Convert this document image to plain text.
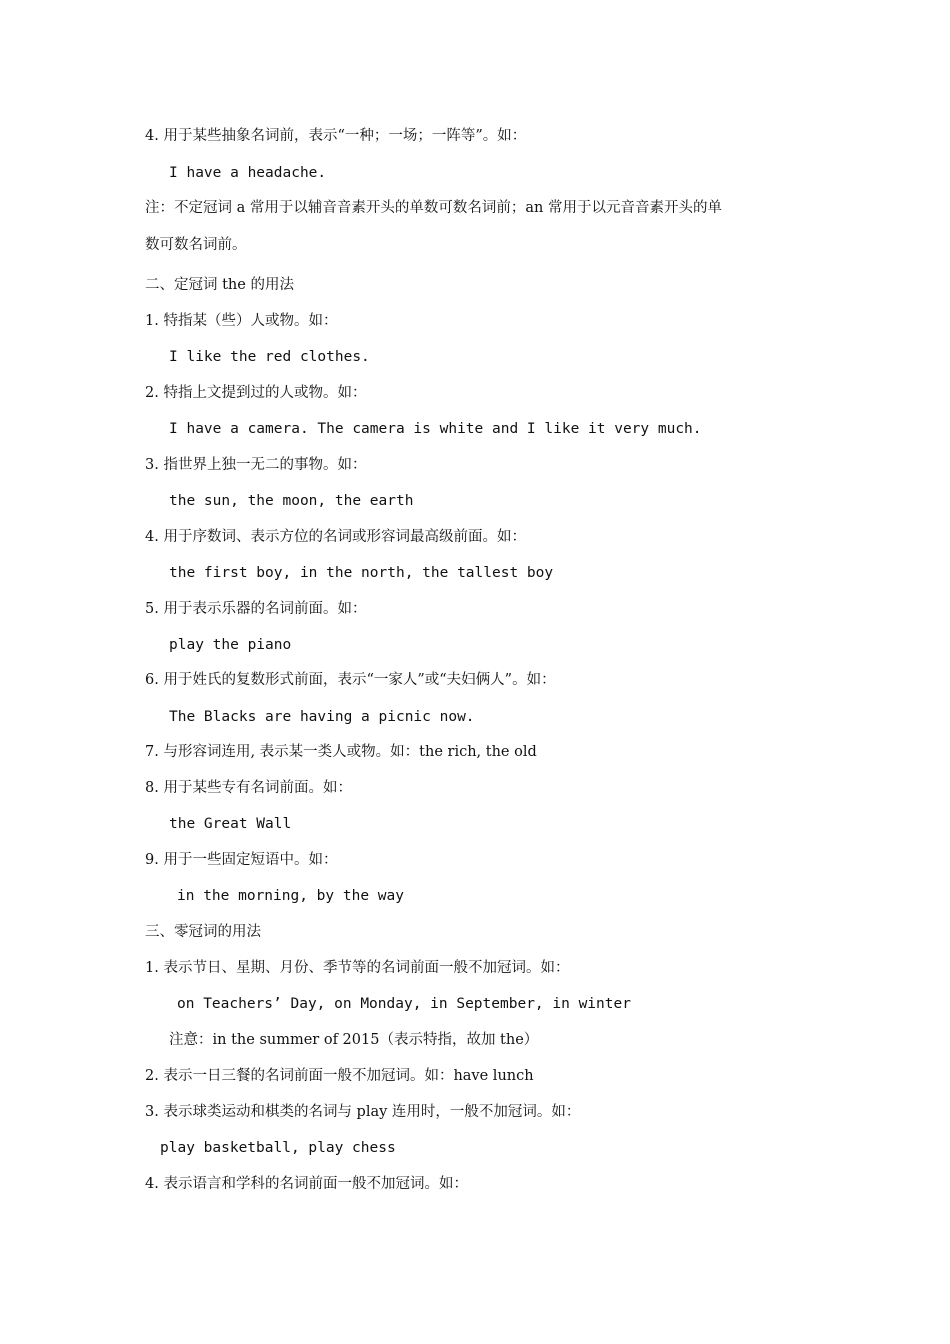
4. 用于某些抽象名词前，表示“一种；一场；一阵等”。如：
I have a headache.
注：不定冠词 a 常用于以辅音音素开头的单数可数名词前；an 常用于以元音音素开头的单
数可数名词前。
二、定冠词 the 的用法
1. 特指某（些）人或物。如：
I like the red clothes.
2. 特指上文提到过的人或物。如：
I have a camera. The camera is white and I like it very much.
3. 指世界上独一无二的事物。如：
the sun, the moon, the earth
4. 用于序数词、表示方位的名词或形容词最高级前面。如：
the first boy, in the north, the tallest boy
5. 用于表示乐器的名词前面。如：
play the piano
6. 用于姓氏的复数形式前面，表示“一家人”或“夫妇俩人”。如：
The Blacks are having a picnic now.
7. 与形容词连用, 表示某一类人或物。如：the rich, the old
8. 用于某些专有名词前面。如：
the Great Wall
9. 用于一些固定短语中。如：
in the morning, by the way
三、零冠词的用法
1. 表示节日、星期、月份、季节等的名词前面一般不加冠词。如：
on Teachers’ Day, on Monday, in September, in winter
注意：in the summer of 2015（表示特指，故加 the）
2. 表示一日三餐的名词前面一般不加冠词。如：have lunch
3. 表示球类运动和棋类的名词与 play 连用时，一般不加冠词。如：
play basketball, play chess
4. 表示语言和学科的名词前面一般不加冠词。如：
